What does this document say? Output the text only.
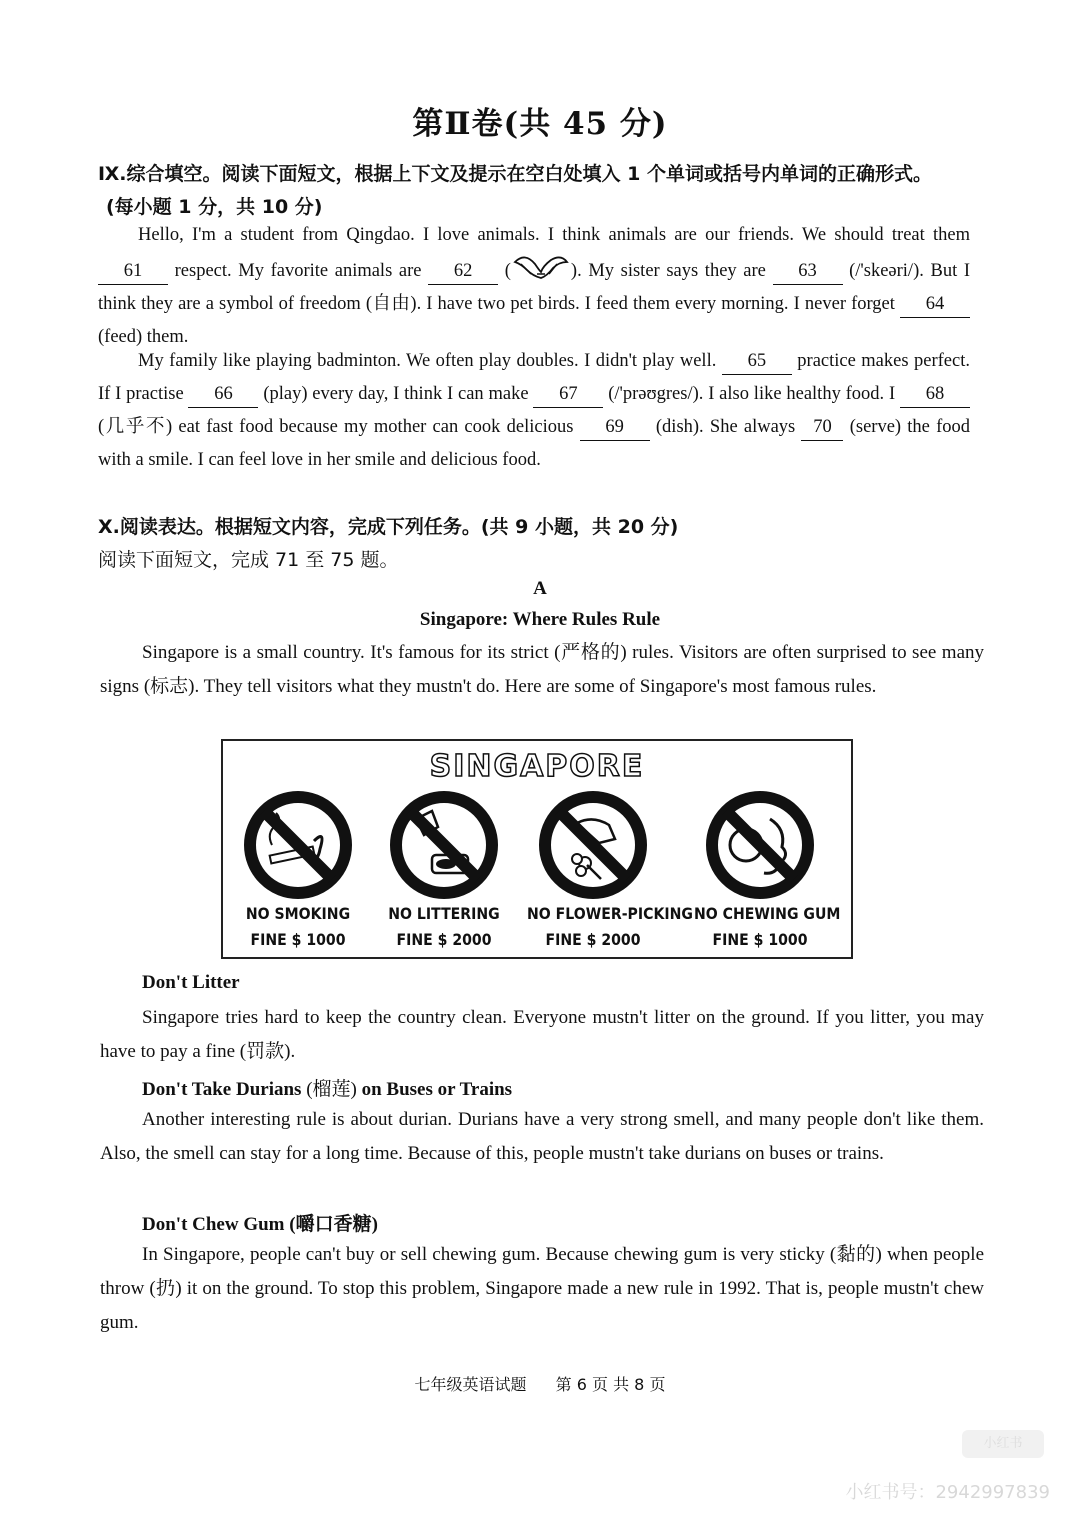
第Ⅱ卷(共 45 分)
Ⅸ.综合填空。阅读下面短文，根据上下文及提示在空白处填入 1 个单词或括号内单词的正确形式。
(每小题 1 分，共 10 分)
Hello, I'm a student from Qingdao. I love animals. I think animals are our friends. We should treat them 61 respect. My favorite animals are 62 (	). My sister says they are 63 (/'skeəri/). But I think they are a symbol of freedom (自由). I have two pet birds. I feed them every morning. I never forget 64 (feed) them.
My family like playing badminton. We often play doubles. I didn't play well. 65 practice makes perfect. If I practise 66 (play) every day, I think I can make 67 (/'prəʊgres/). I also like healthy food. I 68 (几乎不) eat fast food because my mother can cook delicious 69 (dish). She always 70 (serve) the food with a smile. I can feel love in her smile and delicious food.
Ⅹ.阅读表达。根据短文内容，完成下列任务。(共 9 小题，共 20 分)
阅读下面短文，完成 71 至 75 题。
A
Singapore: Where Rules Rule
Singapore is a small country. It's famous for its strict (严格的) rules. Visitors are often surprised to see many signs (标志). They tell visitors what they mustn't do. Here are some of Singapore's most famous rules.
SINGAPORE
NO SMOKING
FINE $ 1000
NO LITTERING
FINE $ 2000
NO FLOWER-PICKING
FINE $ 2000
NO CHEWING GUM
FINE $ 1000
Don't Litter
Singapore tries hard to keep the country clean. Everyone mustn't litter on the ground. If you litter, you may have to pay a fine (罚款).
Don't Take Durians (榴莲) on Buses or Trains
Another interesting rule is about durian. Durians have a very strong smell, and many people don't like them. Also, the smell can stay for a long time. Because of this, people mustn't take durians on buses or trains.
Don't Chew Gum (嚼口香糖)
In Singapore, people can't buy or sell chewing gum. Because chewing gum is very sticky (黏的) when people throw (扔) it on the ground. To stop this problem, Singapore made a new rule in 1992. That is, people mustn't chew gum.
七年级英语试题 第 6 页 共 8 页
小红书
小红书号：2942997839
